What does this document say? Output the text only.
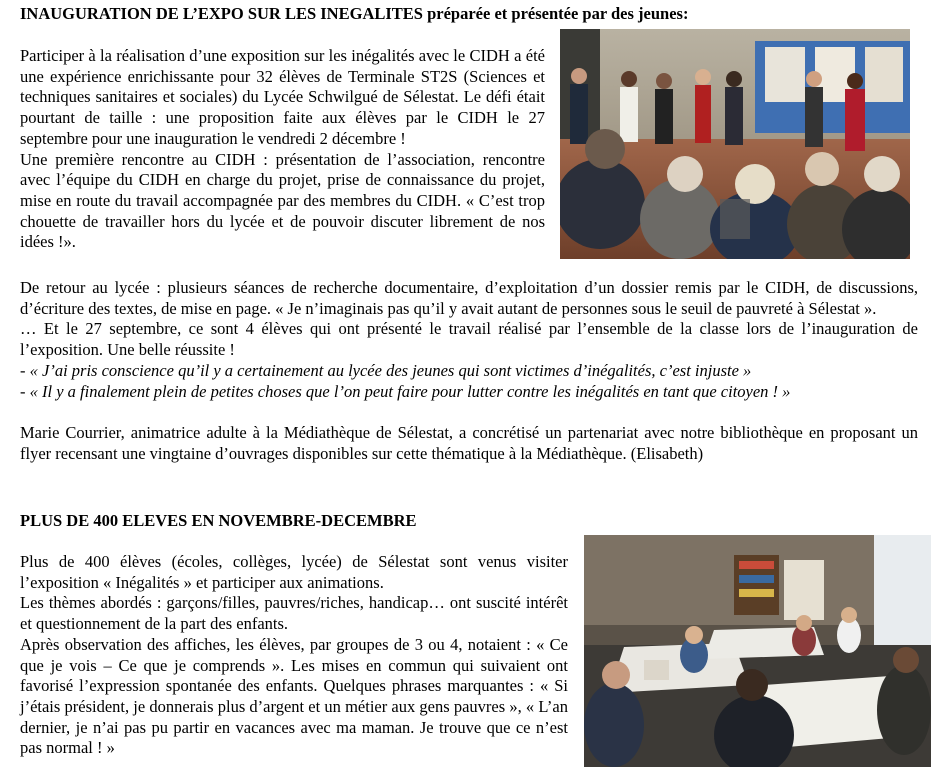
INAUGURATION DE L’EXPO SUR LES INEGALITES préparée et présentée par des jeunes:

Participer à la réalisation d’une exposition sur les inégalités avec le CIDH a été une expérience enrichissante pour 32 élèves de Terminale ST2S (Sciences et techniques sanitaires et sociales) du Lycée Schwilgué de Sélestat. Le défi était pourtant de taille : une proposition faite aux élèves par le CIDH le 27 septembre pour une inauguration le vendredi 2 décembre !

Une première rencontre au CIDH : présentation de l’association, rencontre avec l’équipe du CIDH en charge du projet, prise de connaissance du projet, mise en route du travail accompagnée par des membres du CIDH. « C’est trop chouette de travailler hors du lycée et de pouvoir discuter librement de nos idées !».

De retour au lycée : plusieurs séances de recherche documentaire, d’exploitation d’un dossier remis par le CIDH, de discussions, d’écriture des textes, de mise en page. « Je n’imaginais pas qu’il y avait autant de personnes sous le seuil de pauvreté à Sélestat ».

… Et le 27 septembre, ce sont 4 élèves qui ont présenté le travail réalisé par l’ensemble de la classe lors de l’inauguration de l’exposition. Une belle réussite !

- « J’ai pris conscience qu’il y a certainement au lycée des jeunes qui sont victimes d’inégalités, c’est injuste »

- « Il y a finalement plein de petites choses que l’on peut faire pour lutter contre les inégalités en tant que citoyen ! »

Marie Courrier, animatrice adulte à la Médiathèque de Sélestat, a concrétisé un partenariat avec notre bibliothèque en proposant un flyer recensant une vingtaine d’ouvrages disponibles sur cette thématique à la Médiathèque. (Elisabeth)

PLUS DE 400 ELEVES EN NOVEMBRE-DECEMBRE

Plus de 400 élèves (écoles, collèges, lycée) de Sélestat sont venus visiter l’exposition « Inégalités » et participer aux animations.

Les thèmes abordés : garçons/filles, pauvres/riches, handicap… ont suscité intérêt et questionnement de la part des enfants.

Après observation des affiches, les élèves, par groupes de 3 ou 4, notaient : « Ce que je vois – Ce que je comprends ». Les mises en commun qui suivaient ont favorisé l’expression spontanée des enfants. Quelques phrases marquantes : « Si j’étais président, je donnerais plus d’argent et un métier aux gens pauvres », « L’an dernier, je n’ai pas pu partir en vacances avec ma maman. Je trouve que ce n’est pas normal ! »
